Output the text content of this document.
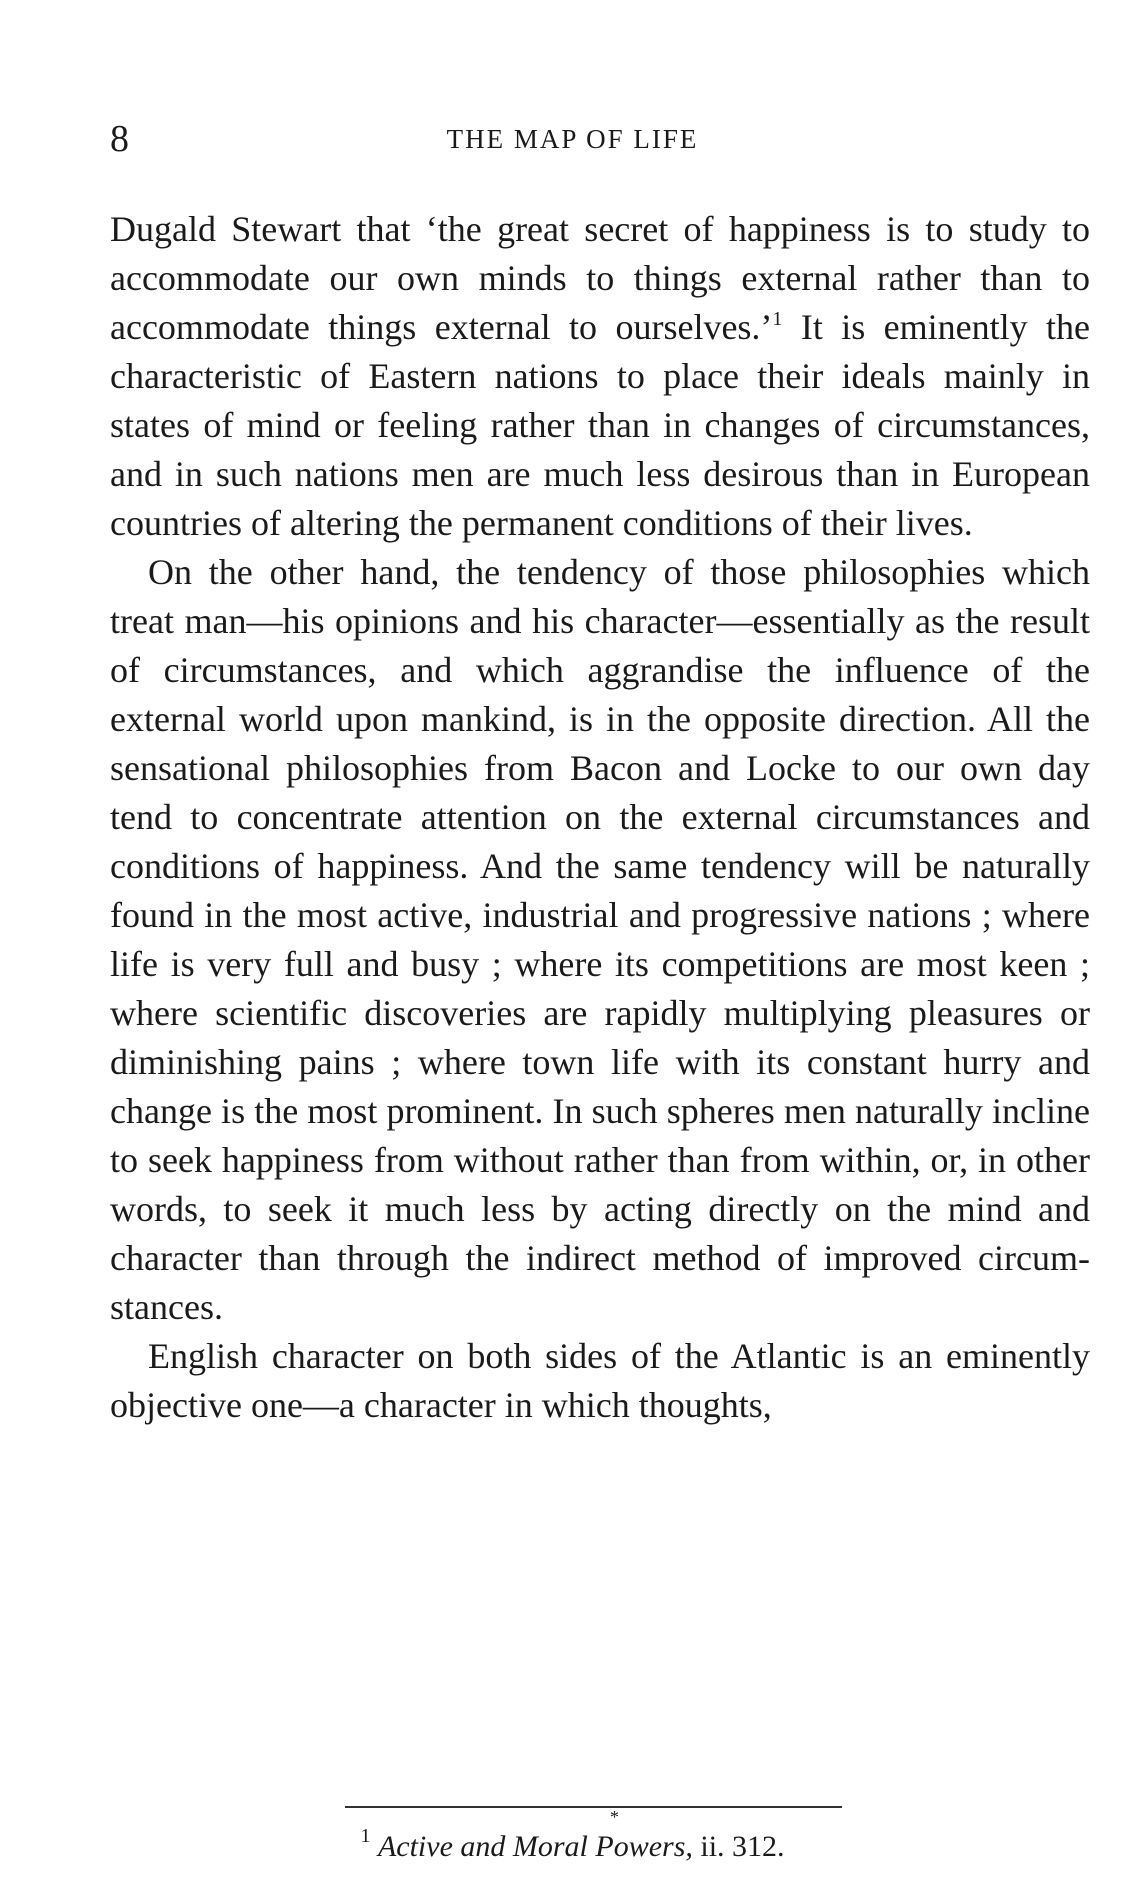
8	THE MAP OF LIFE

Dugald Stewart that ‘the great secret of happiness is to study to accommodate our own minds to things external rather than to accommodate things external to ourselves.’$^1$ It is eminently the characteristic of Eastern nations to place their ideals mainly in states of mind or feeling rather than in changes of circumstances, and in such nations men are much less desirous than in European countries of altering the permanent conditions of their lives.

On the other hand, the tendency of those philosophies which treat man—his opinions and his character—essentially as the result of circumstances, and which aggrandise the influence of the external world upon mankind, is in the opposite direction. All the sensational philosophies from Bacon and Locke to our own day tend to concentrate attention on the external circumstances and conditions of happiness. And the same tendency will be naturally found in the most active, industrial and progressive nations ; where life is very full and busy ; where its competitions are most keen ; where scientific discoveries are rapidly multiplying pleasures or diminishing pains ; where town life with its constant hurry and change is the most prominent. In such spheres men naturally incline to seek happiness from without rather than from within, or, in other words, to seek it much less by acting directly on the mind and character than through the indirect method of improved circumstances.

English character on both sides of the Atlantic is an eminently objective one—a character in which thoughts,

*
$^1$ Active and Moral Powers, ii. 312.
